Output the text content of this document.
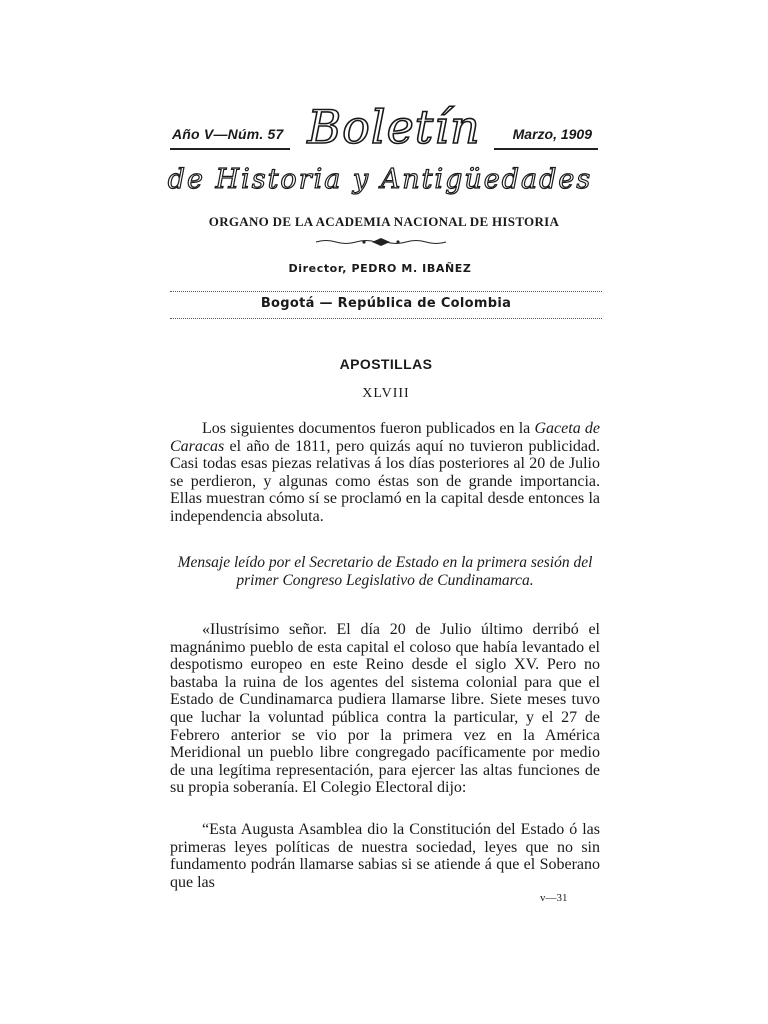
Año V—Núm. 57 Boletín	Marzo, 1909
de Historia y Antigüedades
ORGANO DE LA ACADEMIA NACIONAL DE HISTORIA
Director, PEDRO M. IBAÑEZ
Bogotá — República de Colombia
APOSTILLAS
XLVIII

Los siguientes documentos fueron publicados en la Gaceta de Caracas el año de 1811, pero quizás aquí no tuvieron publicidad. Casi todas esas piezas relativas á los días posteriores al 20 de Julio se perdieron, y algunas como éstas son de grande importancia. Ellas muestran cómo sí se proclamó en la capital desde entonces la independencia absoluta.

Mensaje leído por el Secretario de Estado en la primera sesión del primer Congreso Legislativo de Cundinamarca.

«Ilustrísimo señor. El día 20 de Julio último derribó el magnánimo pueblo de esta capital el coloso que había levantado el despotismo europeo en este Reino desde el siglo XV. Pero no bastaba la ruina de los agentes del sistema colonial para que el Estado de Cundinamarca pudiera llamarse libre. Siete meses tuvo que luchar la voluntad pública contra la particular, y el 27 de Febrero anterior se vio por la primera vez en la América Meridional un pueblo libre congregado pacíficamente por medio de una legítima representación, para ejercer las altas funciones de su propia soberanía. El Colegio Electoral dijo:

“Esta Augusta Asamblea dio la Constitución del Estado ó las primeras leyes políticas de nuestra sociedad, leyes que no sin fundamento podrán llamarse sabias si se atiende á que el Soberano que las

v—31
